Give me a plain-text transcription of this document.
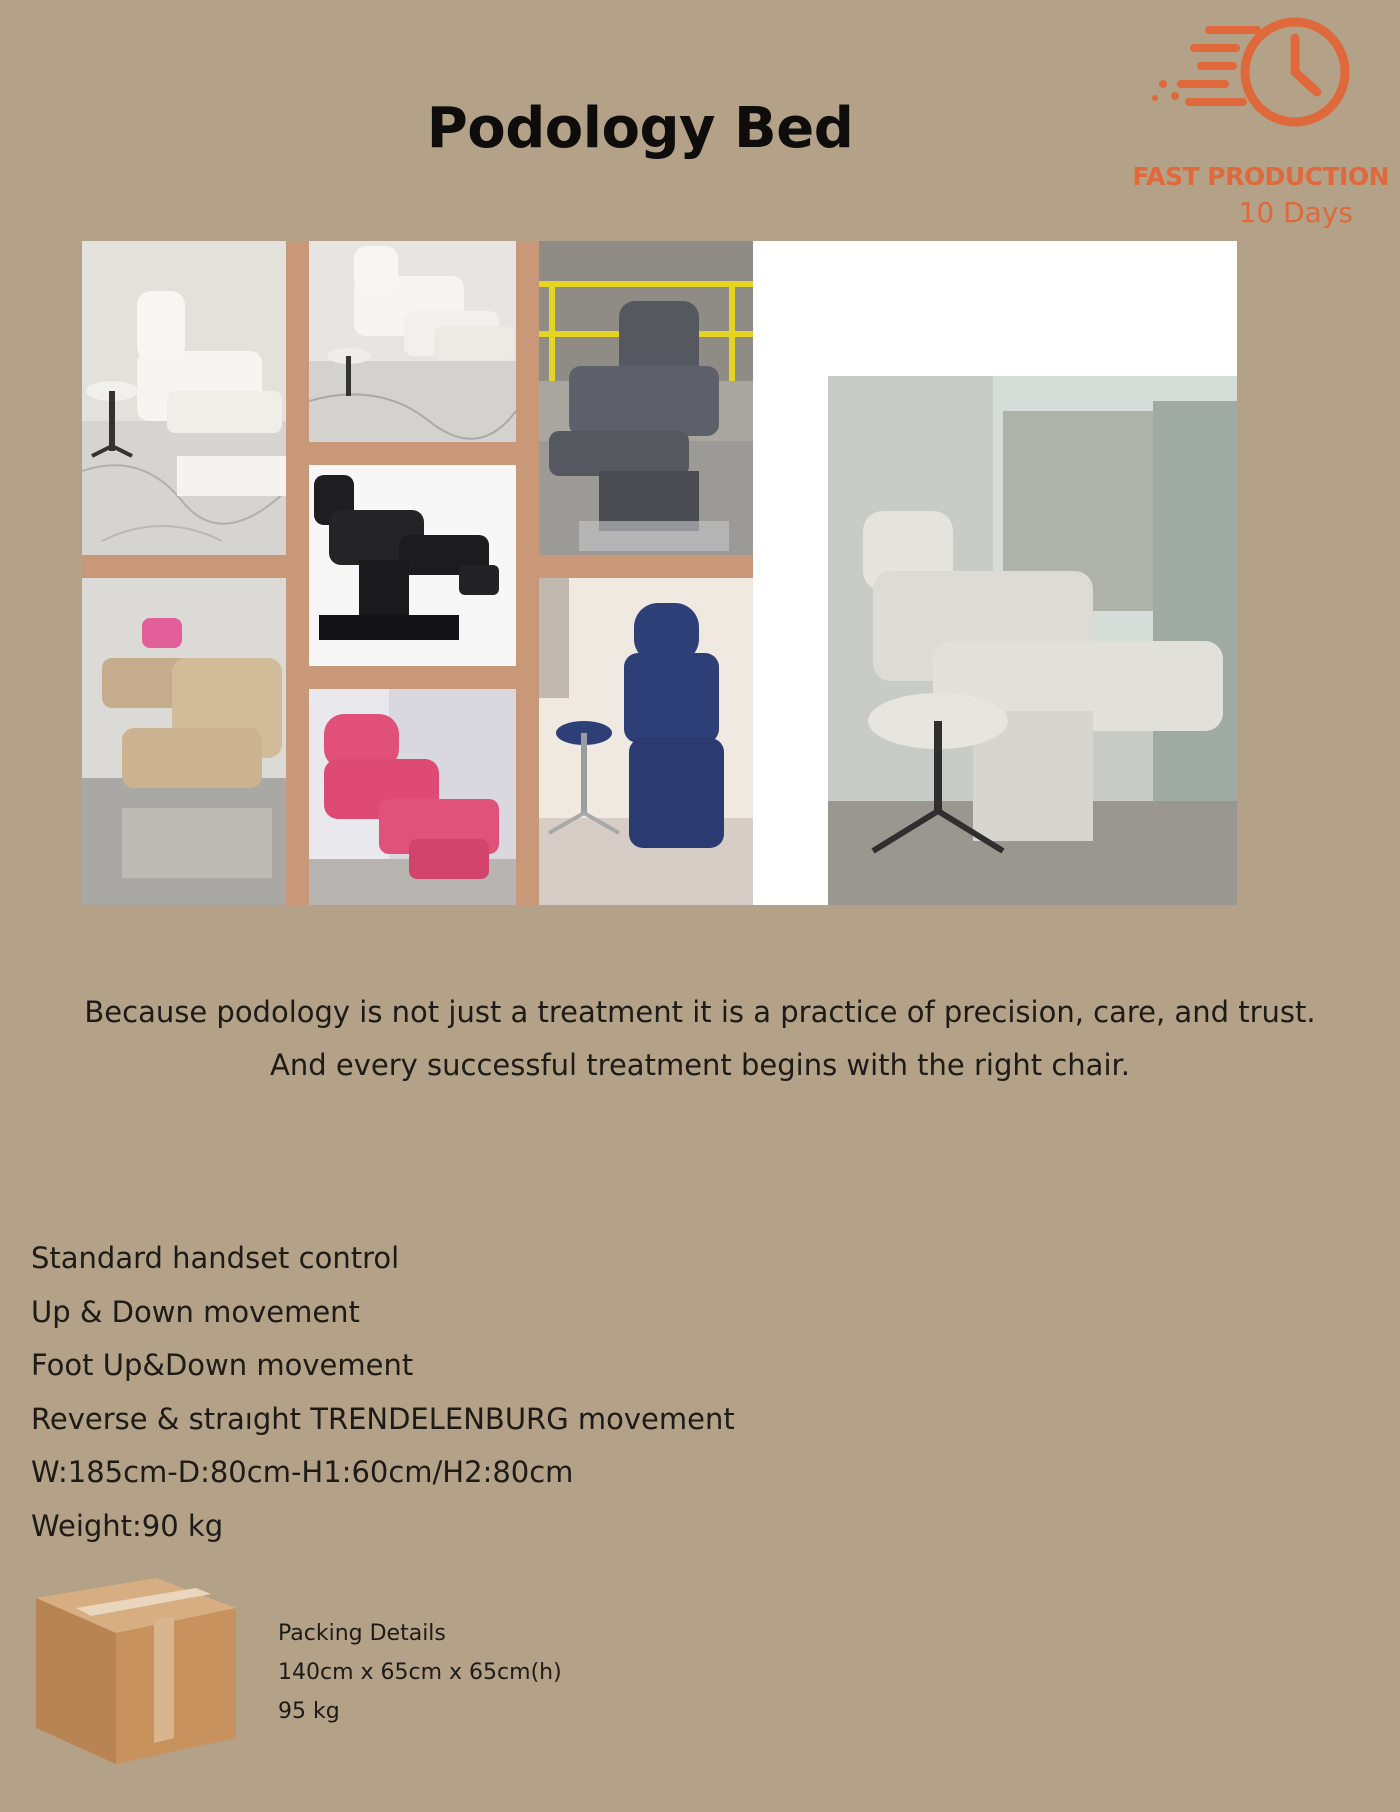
Podology Bed
FAST PRODUCTION
10 Days

Because podology is not just a treatment it is a practice of precision, care, and trust.

And every successful treatment begins with the right chair.

Standard handset control
Up & Down movement
Foot Up&Down movement
Reverse & straıght TRENDELENBURG movement
W:185cm-D:80cm-H1:60cm/H2:80cm
Weight:90 kg
Packing Details
140cm x 65cm x 65cm(h)
95 kg
